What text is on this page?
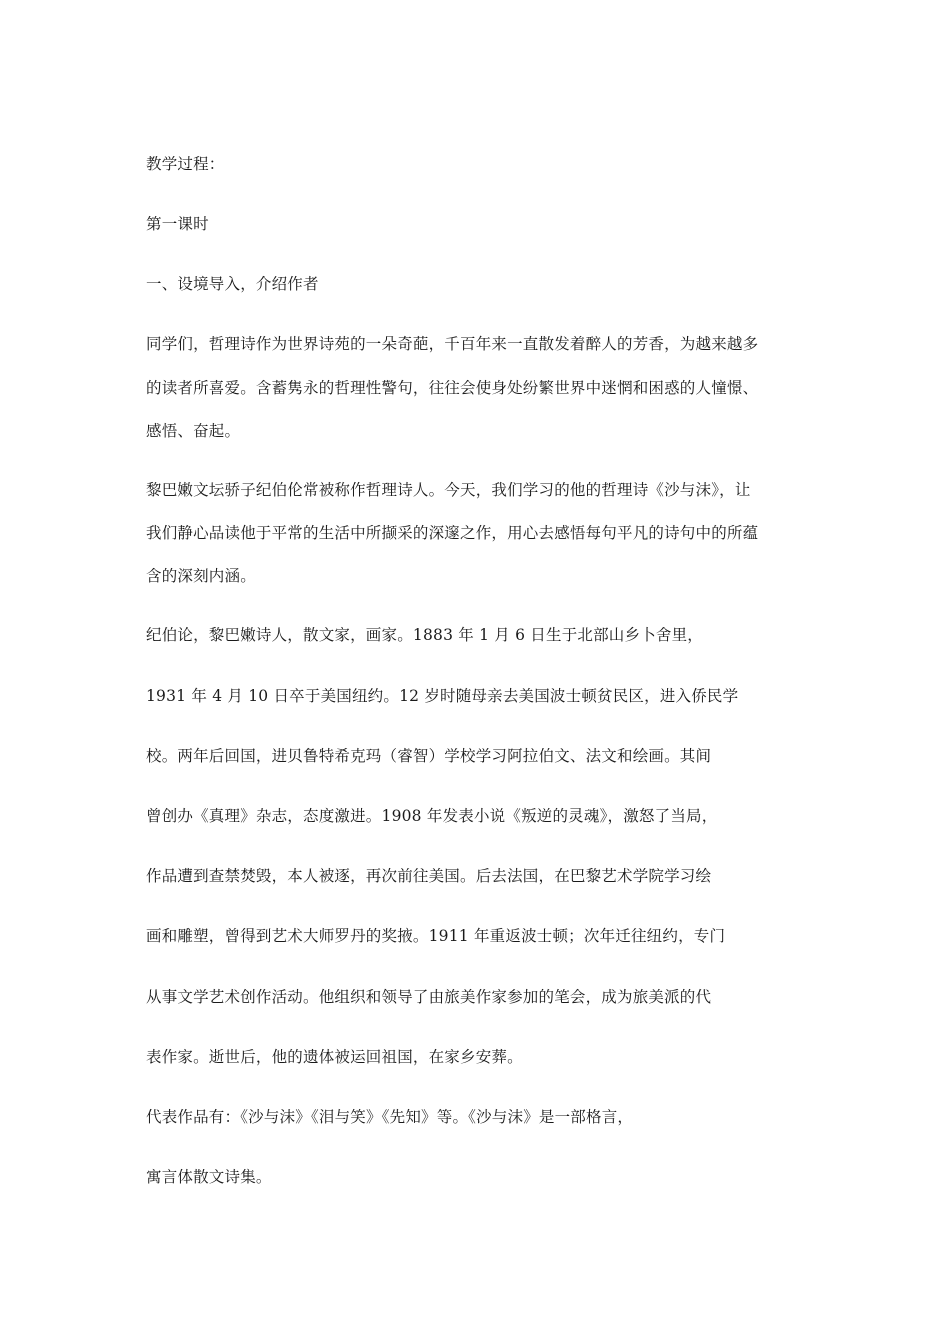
教学过程：
第一课时
一、设境导入，介绍作者
同学们，哲理诗作为世界诗苑的一朵奇葩，千百年来一直散发着醉人的芳香，为越来越多
的读者所喜爱。含蓄隽永的哲理性警句，往往会使身处纷繁世界中迷惘和困惑的人憧憬、
感悟、奋起。
黎巴嫩文坛骄子纪伯伦常被称作哲理诗人。今天，我们学习的他的哲理诗《沙与沫》，让
我们静心品读他于平常的生活中所撷采的深邃之作，用心去感悟每句平凡的诗句中的所蕴
含的深刻内涵。
纪伯论，黎巴嫩诗人，散文家，画家。1883 年 1 月 6 日生于北部山乡卜舍里，
1931 年 4 月 10 日卒于美国纽约。12 岁时随母亲去美国波士顿贫民区，进入侨民学
校。两年后回国，进贝鲁特希克玛（睿智）学校学习阿拉伯文、法文和绘画。其间
曾创办《真理》杂志，态度激进。1908 年发表小说《叛逆的灵魂》，激怒了当局，
作品遭到查禁焚毁，本人被逐，再次前往美国。后去法国，在巴黎艺术学院学习绘
画和雕塑，曾得到艺术大师罗丹的奖掖。1911 年重返波士顿；次年迁往纽约，专门
从事文学艺术创作活动。他组织和领导了由旅美作家参加的笔会，成为旅美派的代
表作家。逝世后，他的遗体被运回祖国，在家乡安葬。
代表作品有：《沙与沫》《泪与笑》《先知》等。《沙与沫》是一部格言，
寓言体散文诗集。
